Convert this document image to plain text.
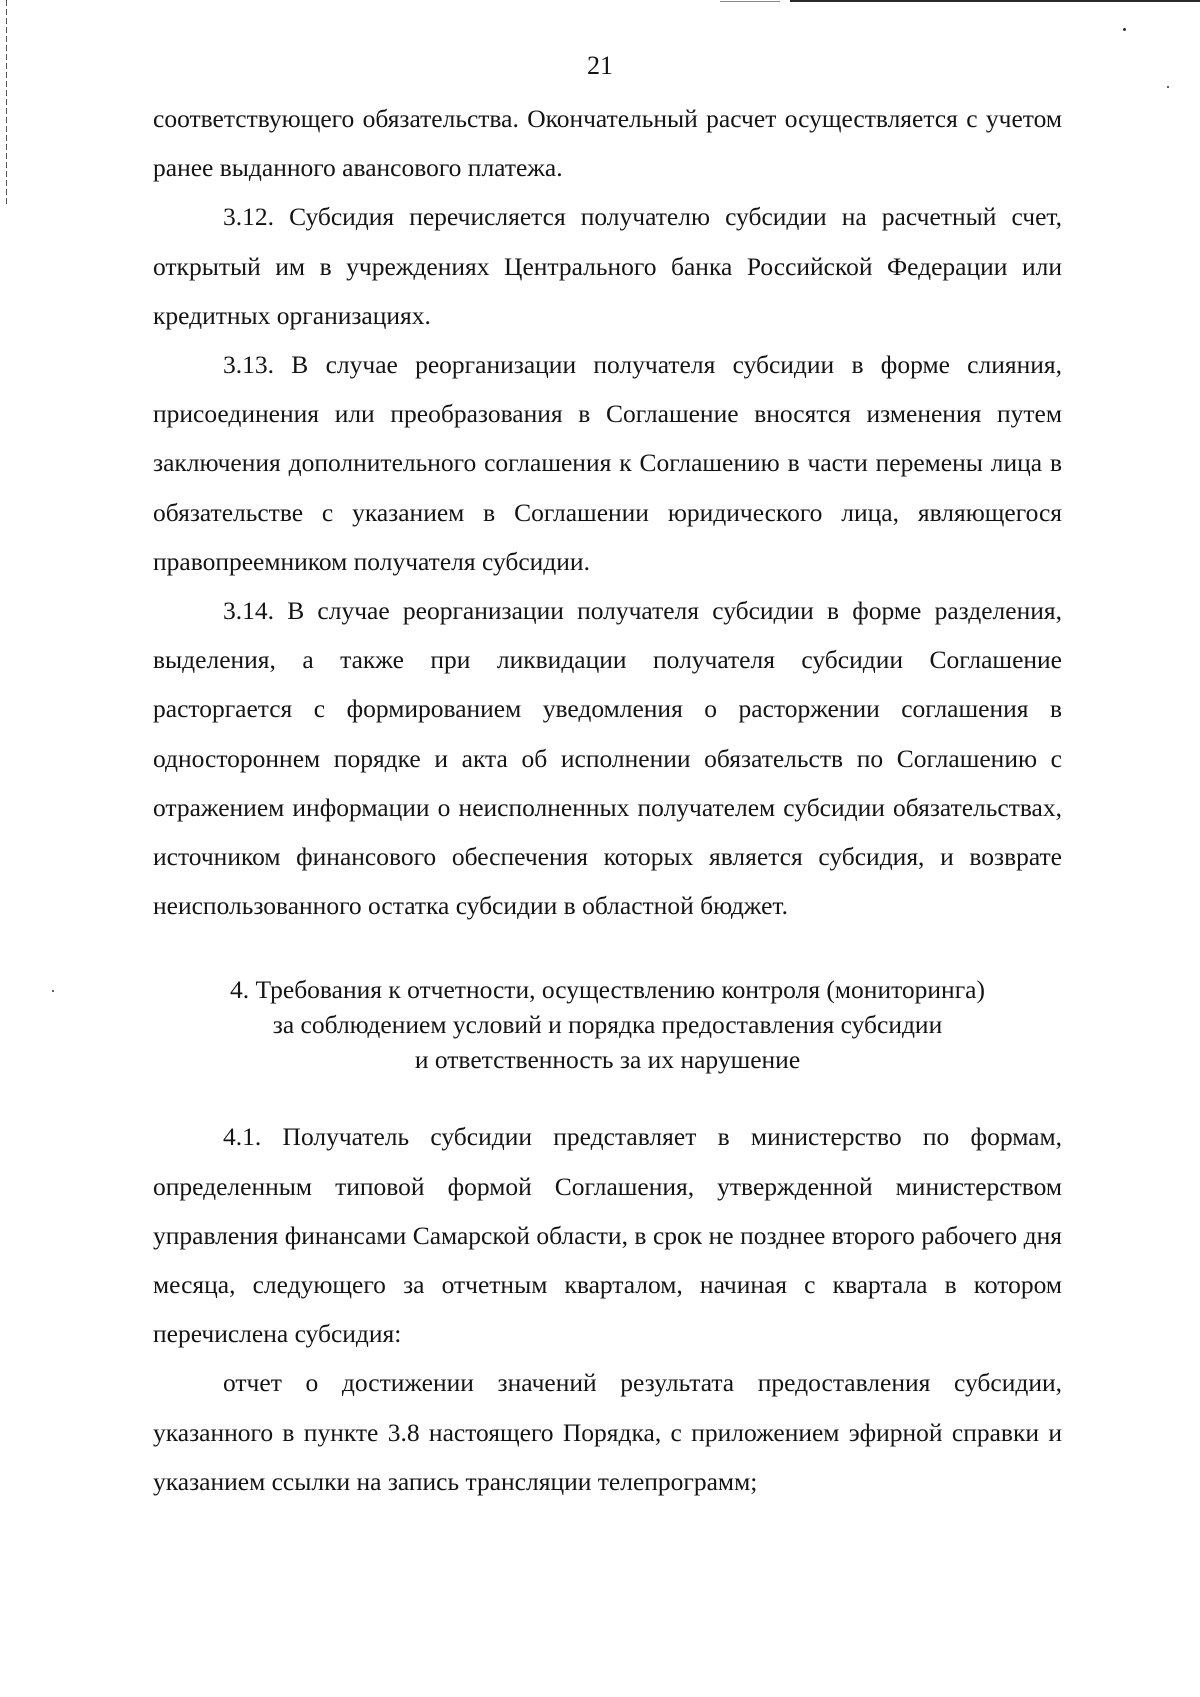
21

соответствующего обязательства. Окончательный расчет осуществляется с учетом ранее выданного авансового платежа.

3.12. Субсидия перечисляется получателю субсидии на расчетный счет, открытый им в учреждениях Центрального банка Российской Федерации или кредитных организациях.

3.13. В случае реорганизации получателя субсидии в форме слияния, присоединения или преобразования в Соглашение вносятся изменения путем заключения дополнительного соглашения к Соглашению в части перемены лица в обязательстве с указанием в Соглашении юридического лица, являющегося правопреемником получателя субсидии.

3.14. В случае реорганизации получателя субсидии в форме разделения, выделения, а также при ликвидации получателя субсидии Соглашение расторгается с формированием уведомления о расторжении соглашения в одностороннем порядке и акта об исполнении обязательств по Соглашению с отражением информации о неисполненных получателем субсидии обязательствах, источником финансового обеспечения которых является субсидия, и возврате неиспользованного остатка субсидии в областной бюджет.

4. Требования к отчетности, осуществлению контроля (мониторинга)
за соблюдением условий и порядка предоставления субсидии
и ответственность за их нарушение

4.1. Получатель субсидии представляет в министерство по формам, определенным типовой формой Соглашения, утвержденной министерством управления финансами Самарской области, в срок не позднее второго рабочего дня месяца, следующего за отчетным кварталом, начиная с квартала в котором перечислена субсидия:

отчет о достижении значений результата предоставления субсидии, указанного в пункте 3.8 настоящего Порядка, с приложением эфирной справки и указанием ссылки на запись трансляции телепрограмм;
